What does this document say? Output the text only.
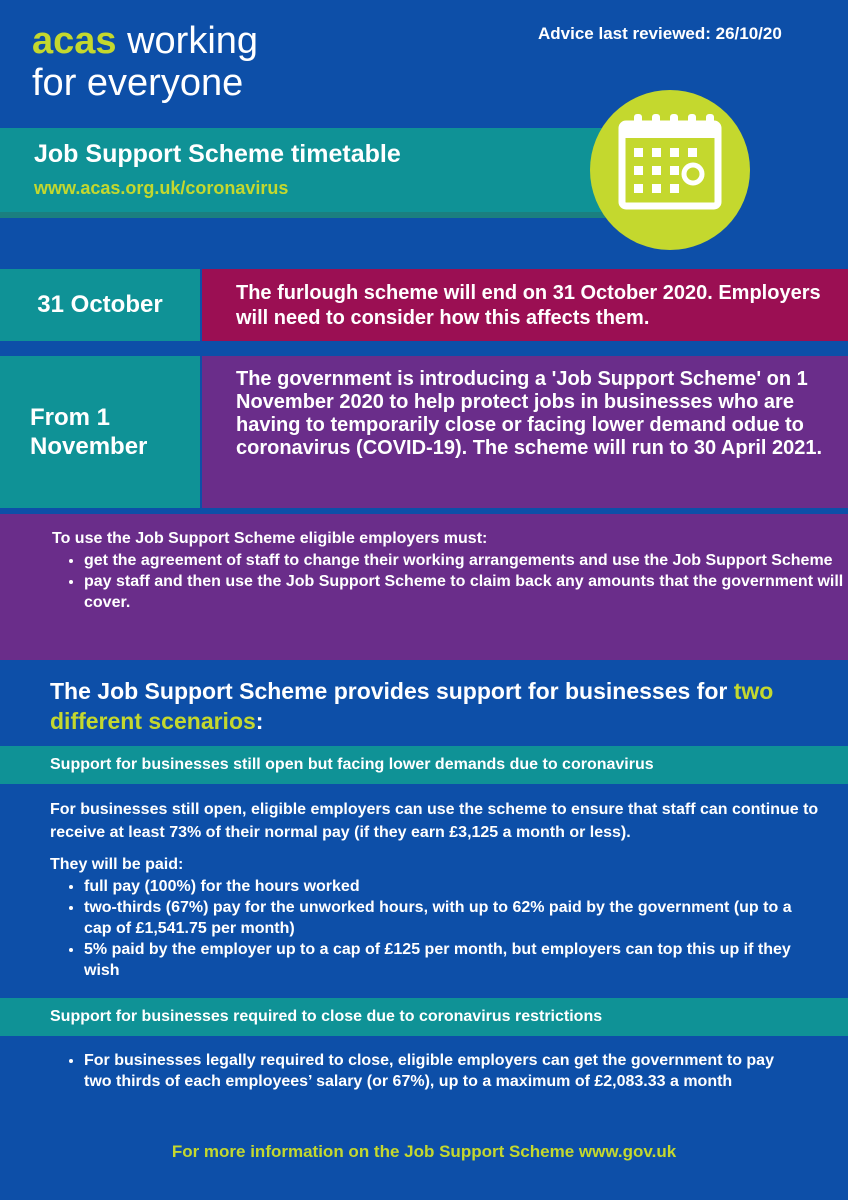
acas working
for everyone
Advice last reviewed: 26/10/20
Job Support Scheme timetable
www.acas.org.uk/coronavirus
31 October	The furlough scheme will end on 31 October 2020. Employers will need to consider how this affects them.

From 1 November

The government is introducing a 'Job Support Scheme' on 1 November 2020 to help protect jobs in businesses who are having to temporarily close or facing lower demand odue to coronavirus (COVID-19). The scheme will run to 30 April 2021.

To use the Job Support Scheme eligible employers must:
• get the agreement of staff to change their working arrangements and use the Job Support Scheme
• pay staff and then use the Job Support Scheme to claim back any amounts that the government will cover.
The Job Support Scheme provides support for businesses for two different scenarios:
Support for businesses still open but facing lower demands due to coronavirus
For businesses still open, eligible employers can use the scheme to ensure that staff can continue to receive at least 73% of their normal pay (if they earn £3,125 a month or less).
They will be paid:
• full pay (100%) for the hours worked
• two-thirds (67%) pay for the unworked hours, with up to 62% paid by the government (up to a cap of £1,541.75 per month)
• 5% paid by the employer up to a cap of £125 per month, but employers can top this up if they wish
Support for businesses required to close due to coronavirus restrictions
• For businesses legally required to close, eligible employers can get the government to pay two thirds of each employees’ salary (or 67%), up to a maximum of £2,083.33 a month
For more information on the Job Support Scheme www.gov.uk
